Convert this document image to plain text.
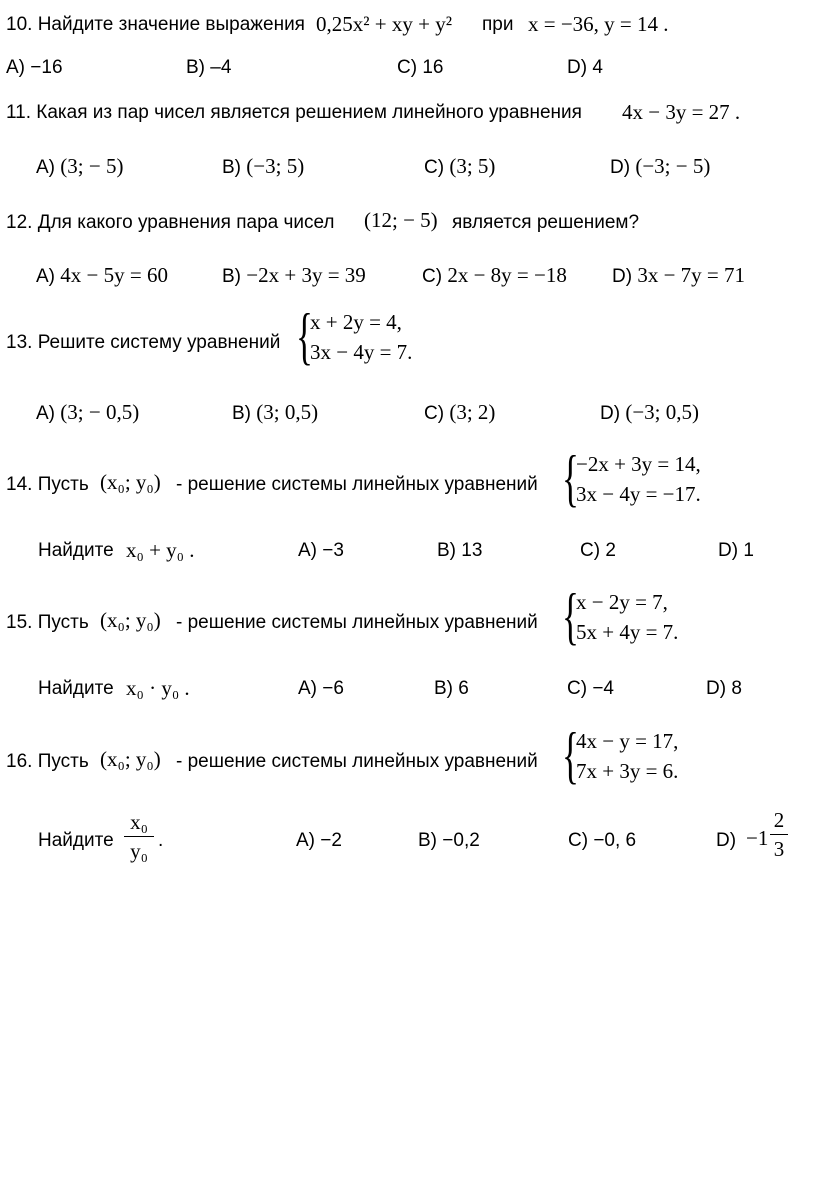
10. Найдите значение выражения 0,25x² + xy + y² при x = −36, y = 14 .
A) −16	B) –4	C) 16	D) 4
11. Какая из пар чисел является решением линейного уравнения 4x − 3y = 27 .
A) (3; − 5)	B) (−3; 5)	C) (3; 5)	D) (−3; − 5)
12. Для какого уравнения пара чисел (12; − 5) является решением?
A) 4x − 5y = 60	B) −2x + 3y = 39	C) 2x − 8y = −18 D) 3x − 7y = 71
13. Решите систему уравнений {
x + 2y = 4,
3x − 4y = 7.
A) (3; − 0,5)	B) (3; 0,5)	C) (3; 2)	D) (−3; 0,5)
14. Пусть (x₀; y₀) - решение системы линейных уравнений {
−2x + 3y = 14,
3x − 4y = −17.
Найдите x₀ + y₀ .	A) −3	B) 13	C) 2	D) 1
15. Пусть (x₀; y₀) - решение системы линейных уравнений {
x − 2y = 7,
5x + 4y = 7.
Найдите x₀ · y₀ .	A) −6	B) 6	C) −4	D) 8
16. Пусть (x₀; y₀) - решение системы линейных уравнений {
4x − y = 17,
7x + 3y = 6.
Найдите
x₀
y₀ .	A) −2	B) −0,2	C) −0, 6	D) −1
2
3
